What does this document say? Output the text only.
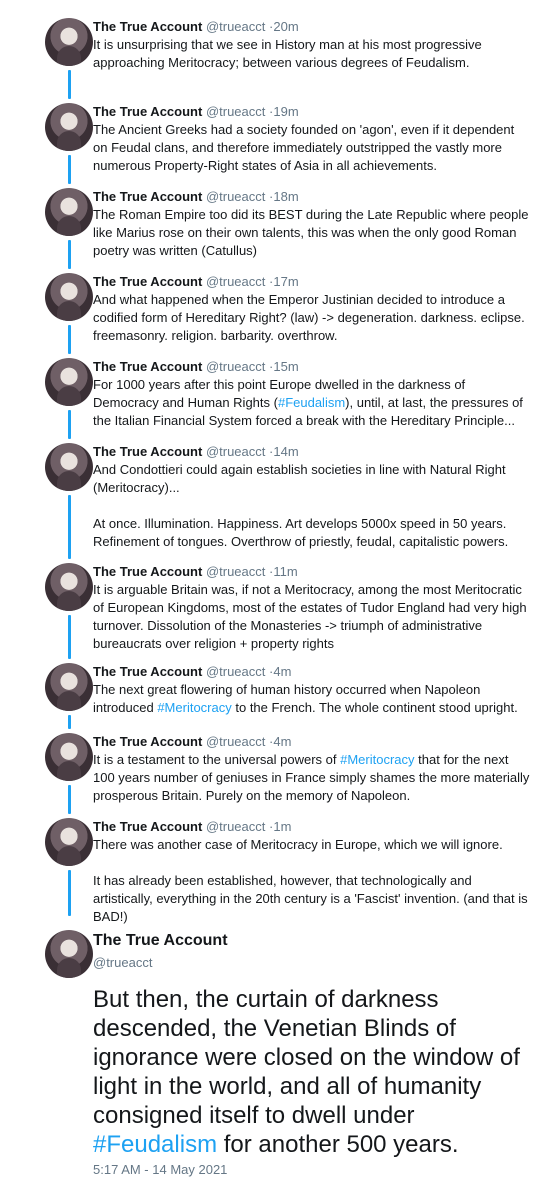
The True Account @trueacct ·20m

It is unsurprising that we see in History man at his most progressive approaching Meritocracy; between various degrees of Feudalism.

The True Account @trueacct ·19m

The Ancient Greeks had a society founded on 'agon', even if it dependent on Feudal clans, and therefore immediately outstripped the vastly more numerous Property-Right states of Asia in all achievements.

The True Account @trueacct ·18m

The Roman Empire too did its BEST during the Late Republic where people like Marius rose on their own talents, this was when the only good Roman poetry was written (Catullus)

The True Account @trueacct ·17m

And what happened when the Emperor Justinian decided to introduce a codified form of Hereditary Right? (law) -> degeneration. darkness. eclipse. freemasonry. religion. barbarity. overthrow.

The True Account @trueacct ·15m

For 1000 years after this point Europe dwelled in the darkness of Democracy and Human Rights (#Feudalism), until, at last, the pressures of the Italian Financial System forced a break with the Hereditary Principle...

The True Account @trueacct ·14m

And Condottieri could again establish societies in line with Natural Right (Meritocracy)...

At once. Illumination. Happiness. Art develops 5000x speed in 50 years. Refinement of tongues. Overthrow of priestly, feudal, capitalistic powers.

The True Account @trueacct ·11m

It is arguable Britain was, if not a Meritocracy, among the most Meritocratic of European Kingdoms, most of the estates of Tudor England had very high turnover. Dissolution of the Monasteries -> triumph of administrative bureaucrats over religion + property rights

The True Account @trueacct ·4m

The next great flowering of human history occurred when Napoleon introduced #Meritocracy to the French. The whole continent stood upright.

The True Account @trueacct ·4m

It is a testament to the universal powers of #Meritocracy that for the next 100 years number of geniuses in France simply shames the more materially prosperous Britain. Purely on the memory of Napoleon.

The True Account @trueacct ·1m

There was another case of Meritocracy in Europe, which we will ignore.

It has already been established, however, that technologically and artistically, everything in the 20th century is a 'Fascist' invention. (and that is BAD!)

The True Account
@trueacct
But then, the curtain of darkness descended, the Venetian Blinds of ignorance were closed on the window of light in the world, and all of humanity consigned itself to dwell under #Feudalism for another 500 years.
5:17 AM - 14 May 2021
